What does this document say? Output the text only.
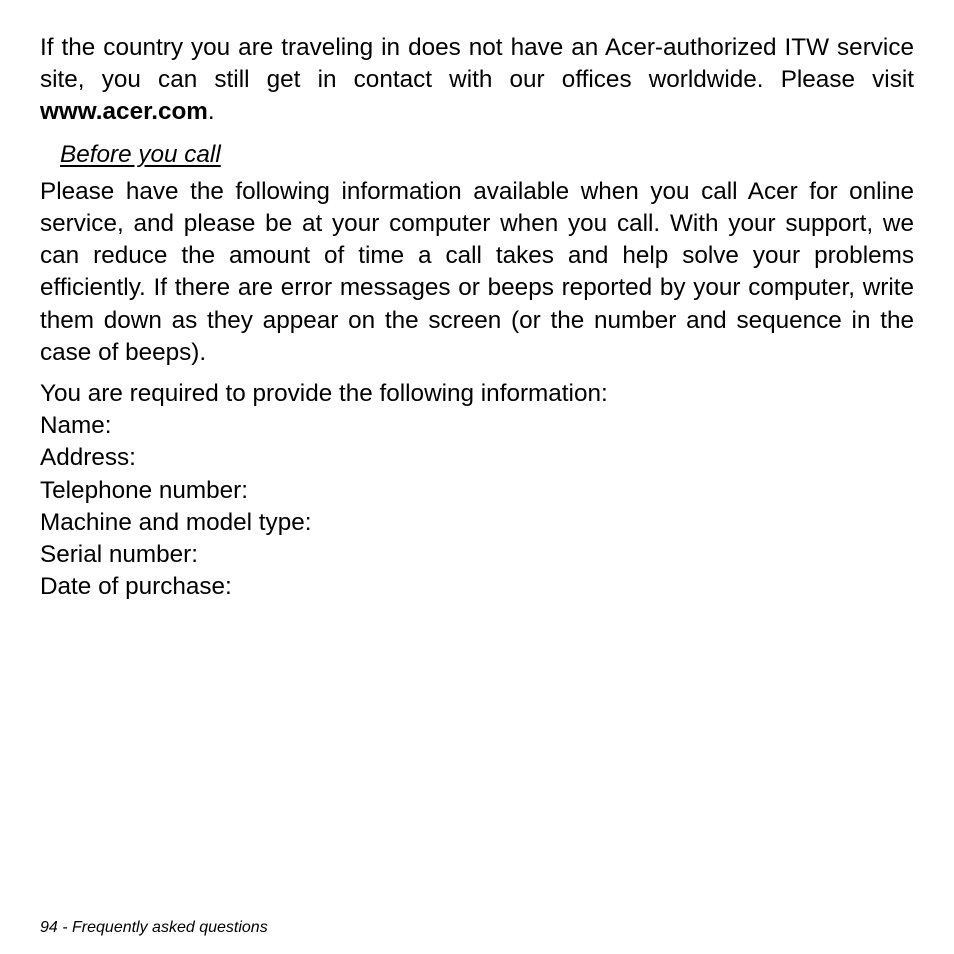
If the country you are traveling in does not have an Acer-authorized ITW service site, you can still get in contact with our offices worldwide. Please visit www.acer.com.

Before you call

Please have the following information available when you call Acer for online service, and please be at your computer when you call. With your support, we can reduce the amount of time a call takes and help solve your problems efficiently. If there are error messages or beeps reported by your computer, write them down as they appear on the screen (or the number and sequence in the case of beeps).

You are required to provide the following information:

Name:
Address:
Telephone number:
Machine and model type:
Serial number:
Date of purchase:
94 - Frequently asked questions
